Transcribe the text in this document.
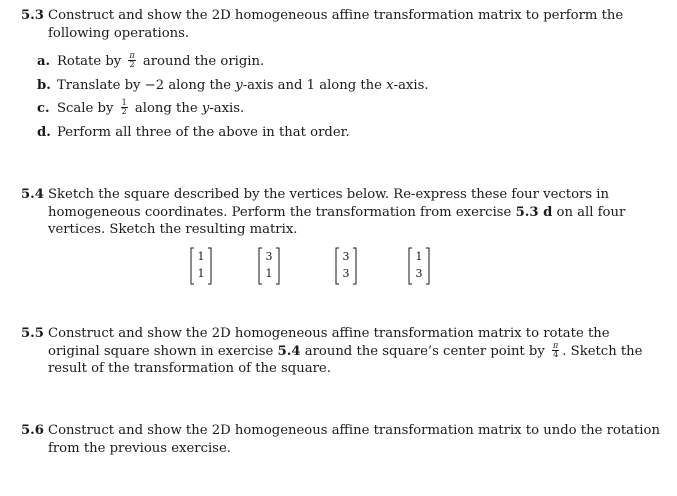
5.3 Construct and show the 2D homogeneous affine transformation matrix to perform the following operations.
a. Rotate by $\frac{\pi}{2}$ around the origin.
b. Translate by −2 along the y-axis and 1 along the x-axis.
c. Scale by $\frac{1}{2}$ along the y-axis.
d. Perform all three of the above in that order.
5.4 Sketch the square described by the vertices below. Re-express these four vectors in homogeneous coordinates. Perform the transformation from exercise 5.3 d on all four vertices. Sketch the resulting matrix.
1
1
3
1
3
3
1
3
5.5 Construct and show the 2D homogeneous affine transformation matrix to rotate the original square shown in exercise 5.4 around the square’s center point by $\frac{\pi}{4}$ . Sketch the result of the transformation of the square.
5.6 Construct and show the 2D homogeneous affine transformation matrix to undo the rotation from the previous exercise.
